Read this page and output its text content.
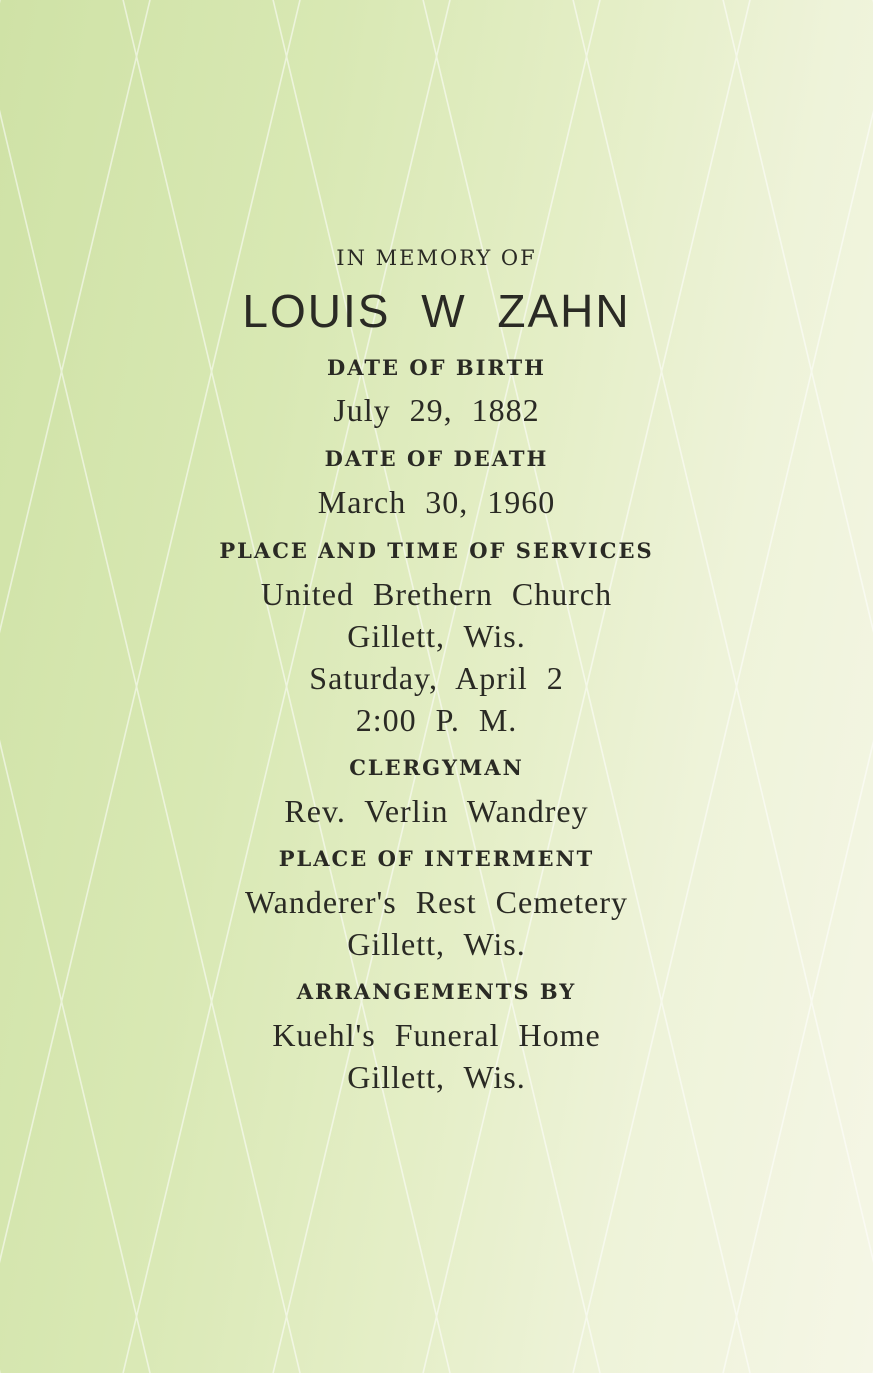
IN MEMORY OF
LOUIS W ZAHN
DATE OF BIRTH
July 29, 1882
DATE OF DEATH
March 30, 1960
PLACE AND TIME OF SERVICES
United Brethern Church
Gillett, Wis.
Saturday, April 2
2:00 P. M.
CLERGYMAN
Rev. Verlin Wandrey
PLACE OF INTERMENT
Wanderer's Rest Cemetery
Gillett, Wis.
ARRANGEMENTS BY
Kuehl's Funeral Home
Gillett, Wis.
